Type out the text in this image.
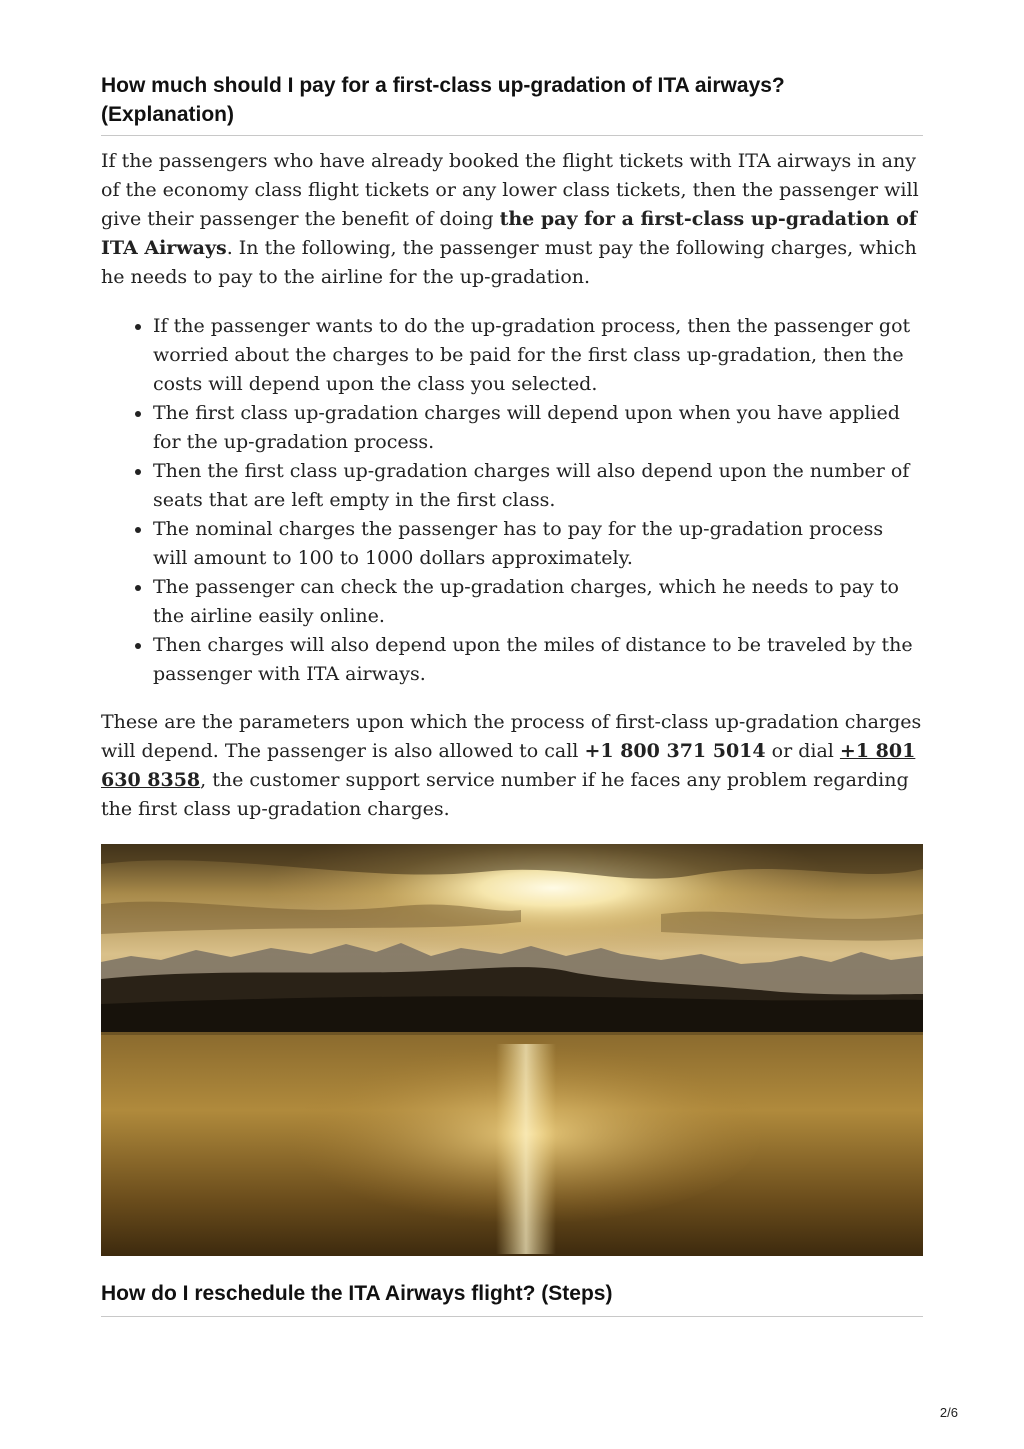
How much should I pay for a first-class up-gradation of ITA airways? (Explanation)

If the passengers who have already booked the flight tickets with ITA airways in any of the economy class flight tickets or any lower class tickets, then the passenger will give their passenger the benefit of doing the pay for a first-class up-gradation of ITA Airways. In the following, the passenger must pay the following charges, which he needs to pay to the airline for the up-gradation.

• If the passenger wants to do the up-gradation process, then the passenger got worried about the charges to be paid for the first class up-gradation, then the costs will depend upon the class you selected.
• The first class up-gradation charges will depend upon when you have applied for the up-gradation process.
• Then the first class up-gradation charges will also depend upon the number of seats that are left empty in the first class.
• The nominal charges the passenger has to pay for the up-gradation process will amount to 100 to 1000 dollars approximately.
• The passenger can check the up-gradation charges, which he needs to pay to the airline easily online.
• Then charges will also depend upon the miles of distance to be traveled by the passenger with ITA airways.

These are the parameters upon which the process of first-class up-gradation charges will depend. The passenger is also allowed to call +1 800 371 5014 or dial +1 801 630 8358, the customer support service number if he faces any problem regarding the first class up-gradation charges.

How do I reschedule the ITA Airways flight? (Steps)
2/6
